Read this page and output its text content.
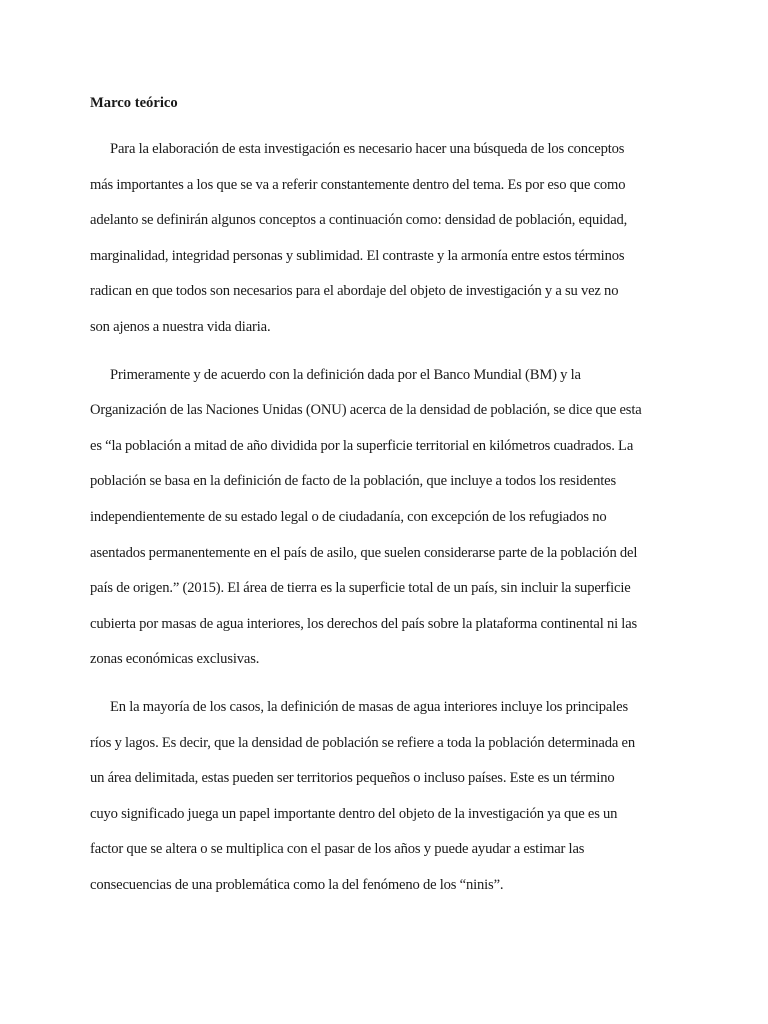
Marco teórico

Para la elaboración de esta investigación es necesario hacer una búsqueda de los conceptos
más importantes a los que se va a referir constantemente dentro del tema. Es por eso que como
adelanto se definirán algunos conceptos a continuación como: densidad de población, equidad,
marginalidad, integridad personas y sublimidad. El contraste y la armonía entre estos términos
radican en que todos son necesarios para el abordaje del objeto de investigación y a su vez no
son ajenos a nuestra vida diaria.

Primeramente y de acuerdo con la definición dada por el Banco Mundial (BM) y la
Organización de las Naciones Unidas (ONU) acerca de la densidad de población, se dice que esta
es “la población a mitad de año dividida por la superficie territorial en kilómetros cuadrados. La
población se basa en la definición de facto de la población, que incluye a todos los residentes
independientemente de su estado legal o de ciudadanía, con excepción de los refugiados no
asentados permanentemente en el país de asilo, que suelen considerarse parte de la población del
país de origen.” (2015). El área de tierra es la superficie total de un país, sin incluir la superficie
cubierta por masas de agua interiores, los derechos del país sobre la plataforma continental ni las
zonas económicas exclusivas.

En la mayoría de los casos, la definición de masas de agua interiores incluye los principales
ríos y lagos. Es decir, que la densidad de población se refiere a toda la población determinada en
un área delimitada, estas pueden ser territorios pequeños o incluso países. Este es un término
cuyo significado juega un papel importante dentro del objeto de la investigación ya que es un
factor que se altera o se multiplica con el pasar de los años y puede ayudar a estimar las
consecuencias de una problemática como la del fenómeno de los “ninis”.
